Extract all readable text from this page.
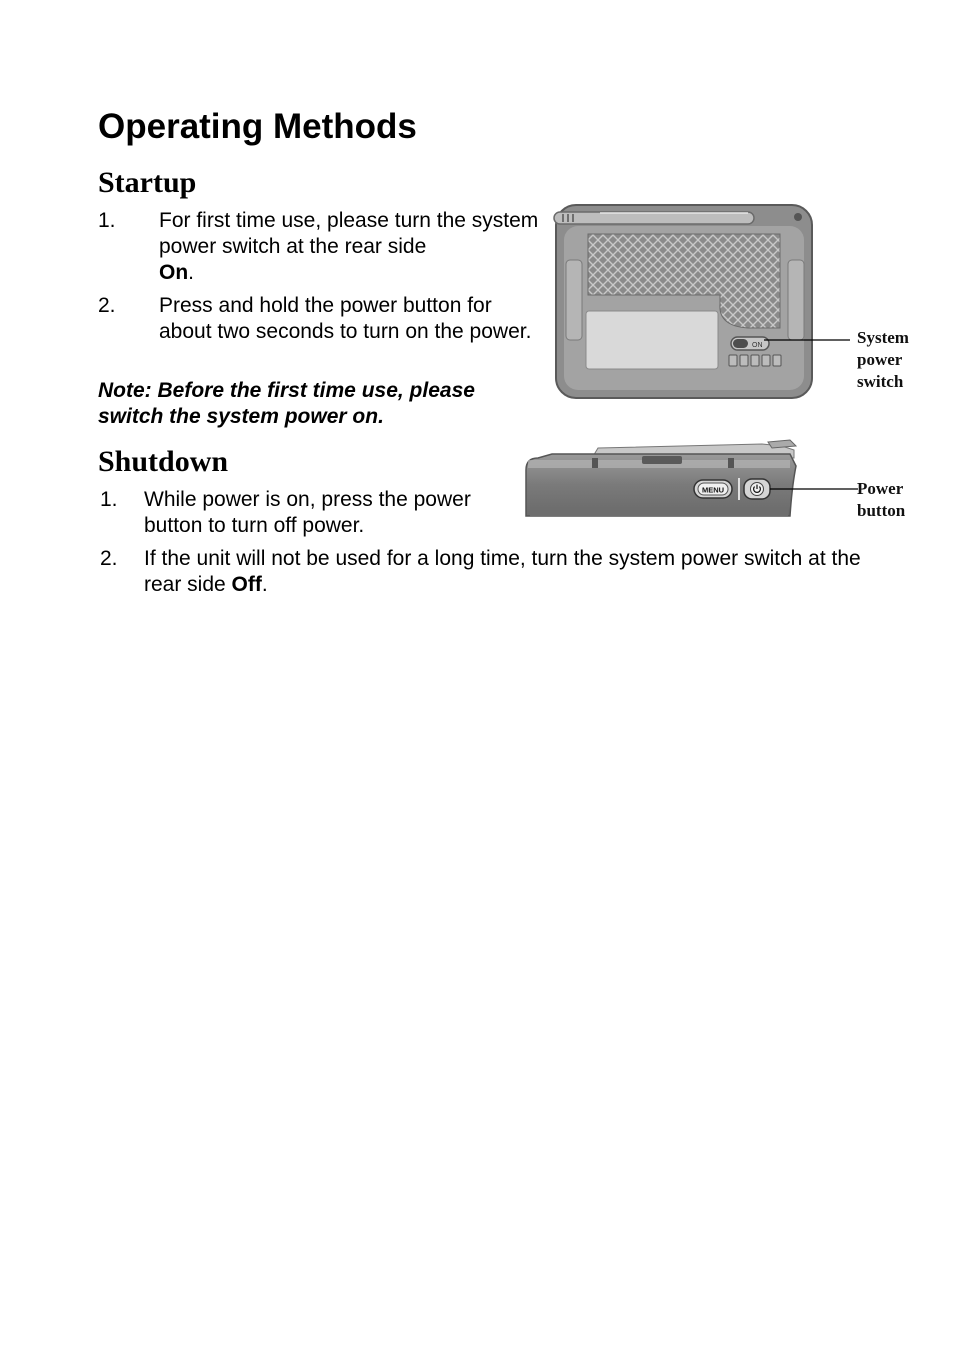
Operating Methods
Startup
1. For first time use, please turn the system power switch at the rear side
On.
2. Press and hold the power button for about two seconds to turn on the power.

Note: Before the first time use, please switch the system power on.

Shutdown
1. While power is on, press the power button to turn off power.
2. If the unit will not be used for a long time, turn the system power switch at the rear side Off.
ON	System
power
switch
MENU	Power
button
